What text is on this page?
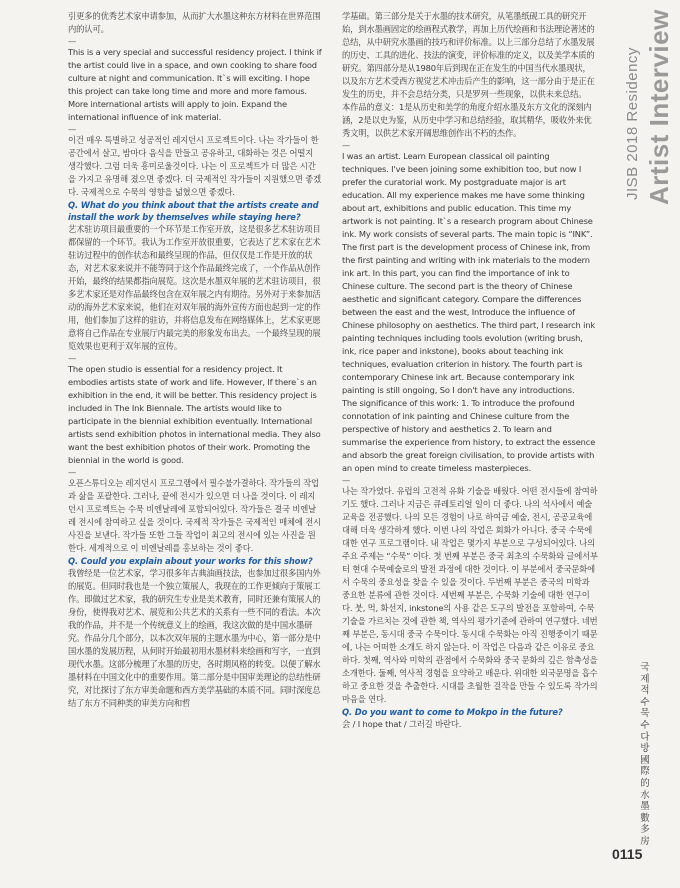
引更多的优秀艺术家申请参加，从而扩大水墨这种东方材料在世界范围内的认可。

—

This is a very special and successful residency project. I think if the artist could live in a space, and own cooking to share food culture at night and communication. It`s will exciting. I hope this project can take long time and more and more famous. More international artists will apply to join. Expand the international influence of ink material.

—

이건 매우 특별하고 성공적인 레지던시 프로젝트이다. 나는 작가들이 한 공간에서 살고, 밤마다 음식을 만들고 공유하고, 대화하는 것은 어떨지 생각했다. 그럼 더욱 흥미로울것이다. 나는 이 프로젝트가 더 많은 시간을 가지고 유명해 졌으면 좋겠다. 더 국제적인 작가들이 지원했으면 좋겠다. 국제적으로 수묵의 영향을 넓혔으면 좋겠다.

Q. What do you think about that the artists create and install the work by themselves while staying here?

艺术驻访项目最重要的一个环节是工作室开放，这是很多艺术驻访项目都保留的一个环节。我认为工作室开放很重要，它表达了艺术家在艺术驻访过程中的创作状态和最终呈现的作品，但仅仅是工作是开放的状态，对艺术家来说并不能等同于这个作品最终完成了，一个作品从创作开始，最终的结果都指向展览。这次是水墨双年展的艺术驻访项目，很多艺术家还是对作品最终包含在双年展之内有期待。另外对于来参加活动的海外艺术家来说，他们在对双年展的海外宣传方面也起到一定的作用，他们参加了这样的驻访，并将信息发布在网络媒体上，艺术家更愿意将自己作品在专业展厅内最完美的形象发布出去。一个最终呈现的展览效果也更利于双年展的宣传。

—

The open studio is essential for a residency project. It embodies artists state of work and life. However, If there`s an exhibition in the end, it will be better. This residency project is included in The Ink Biennale. The artists would like to participate in the biennial exhibition eventually. International artists send exhibition photos in international media. They also want the best exhibition photos of their work. Promoting the biennial in the world is good.

—

오픈스튜디오는 레지던시 프로그램에서 필수불가결하다. 작가들의 작업과 삶을 포괄한다. 그러나, 끝에 전시가 있으면 더 나을 것이다. 이 레지던시 프로젝트는 수묵 비엔날레에 포함되어있다. 작가들은 결국 비엔날레 전시에 참여하고 싶을 것이다. 국제적 작가들은 국제적인 매체에 전시 사진을 보낸다. 작가들 또한 그들 작업이 최고의 전시에 있는 사진을 원한다. 세계적으로 이 비엔날레를 홍보하는 것이 좋다.

Q. Could you explain about your works for this show?

我曾经是一位艺术家，学习很多年古典油画技法，也参加过很多国内外的展览。但同时我也是一个独立策展人，我现在的工作更倾向于策展工作。即做过艺术家，我的研究生专业是美术教育，同时还兼有策展人的身份，使得我对艺术、展览和公共艺术的关系有一些不同的看法。本次我的作品，并不是一个传统意义上的绘画，我这次做的是中国水墨研究。作品分几个部分，以本次双年展的主题水墨为中心，第一部分是中国水墨的发展历程，从何时开始最初用水墨材料来绘画和写字，一直到现代水墨。这部分梳理了水墨的历史，各时期风格的转变。以便了解水墨材料在中国文化中的重要作用。第二部分是中国审美理论的总结性研究，对比探讨了东方审美命题和西方美学基础的本质不同。同时深度总结了东方不同种类的审美方向和哲

学基础。第三部分是关于水墨的技术研究，从笔墨纸砚工具的研究开始，到水墨画固定的绘画程式教学，再加上历代绘画和书法理论著述的总结，从中研究水墨画的技巧和评价标准。以上三部分总结了水墨发展的历史、工具的进化、技法的演变，评价标准的定义，以及美学本质的研究。第四部分是从1980年后到现在正在发生的中国当代水墨现状，以及东方艺术受西方视觉艺术冲击后产生的影响，这一部分由于是正在发生的历史，并不会总结分类，只是罗列一些现象，以供未来总结。

本作品的意义：1是从历史和美学的角度介绍水墨及东方文化的深刻内涵，2是以史为鉴，从历史中学习和总结经验，取其精华，吸收外来优秀文明，以供艺术家开阔思维创作出不朽的杰作。

—

I was an artist. Learn European classical oil painting techniques. I've been joining some exhibition too, but now I prefer the curatorial work. My postgraduate major is art education. All my experience makes me have some thinking about art, exhibitions and public education. This time my artwork is not painting. It`s a research program about Chinese ink. My work consists of several parts. The main topic is “INK”. The first part is the development process of Chinese ink, from the first painting and writing with ink materials to the modern ink art. In this part, you can find the importance of ink to Chinese culture. The second part is the theory of Chinese aesthetic and significant category. Compare the differences between the east and the west, Introduce the influence of Chinese philosophy on aesthetics. The third part, I research ink painting techniques including tools evolution (writing brush, ink, rice paper and inkstone), books about teaching ink techniques, evaluation criterion in history. The fourth part is contemporary Chinese ink art. Because contemporary ink painting is still ongoing, So I don't have any introductions.

The significance of this work: 1. To introduce the profound connotation of ink painting and Chinese culture from the perspective of history and aesthetics 2. To learn and summarise the experience from history, to extract the essence and absorb the great foreign civilisation, to provide artists with an open mind to create timeless masterpieces.

—

나는 작가였다. 유럽의 고전적 유화 기술을 배웠다. 어떤 전시들에 참여하기도 했다. 그러나 지금은 큐레토리얼 일이 더 좋다. 나의 석사에서 예술교육을 전공했다. 나의 모든 경험이 나로 하여금 예술, 전시, 공공교육에 대해 더욱 생각하게 했다. 이번 나의 작업은 회화가 아니다. 중국 수묵에 대한 연구 프로그램이다. 내 작업은 몇가지 부분으로 구성되어있다. 나의 주요 주제는 “수묵” 이다. 첫 번째 부분은 중국 최초의 수묵화와 글에서부터 현대 수묵예술로의 발전 과정에 대한 것이다. 이 부분에서 중국문화에서 수묵의 중요성을 찾을 수 있을 것이다. 두번째 부분은 중국의 미학과 중요한 분류에 관한 것이다. 세번째 부분은, 수묵화 기술에 대한 연구이다. 붓, 먹, 화선지, inkstone의 사용 같은 도구의 발전을 포함하여, 수묵 기술을 가르치는 것에 관한 책, 역사의 평가기준에 관하여 연구했다. 네번째 부분은, 동시대 중국 수묵이다. 동시대 수묵화는 아직 진행중이기 때문에, 나는 어떠한 소개도 하지 않는다. 이 작업은 다음과 같은 이유로 중요하다. 첫째, 역사와 미학의 관점에서 수묵화와 중국 문화의 깊은 함축성을 소개한다. 둘째, 역사적 경험을 요약하고 배운다. 위대한 외국문명을 흡수하고 중요한 것을 추출한다. 시대를 초월한 걸작을 만들 수 있도록 작가의 마음을 연다.

Q. Do you want to come to Mokpo in the future?

会 / I hope that / 그러길 바란다.

JISB 2018 Residency Artist Interview
국제적수묵수다방國際的水墨數多房
0115
